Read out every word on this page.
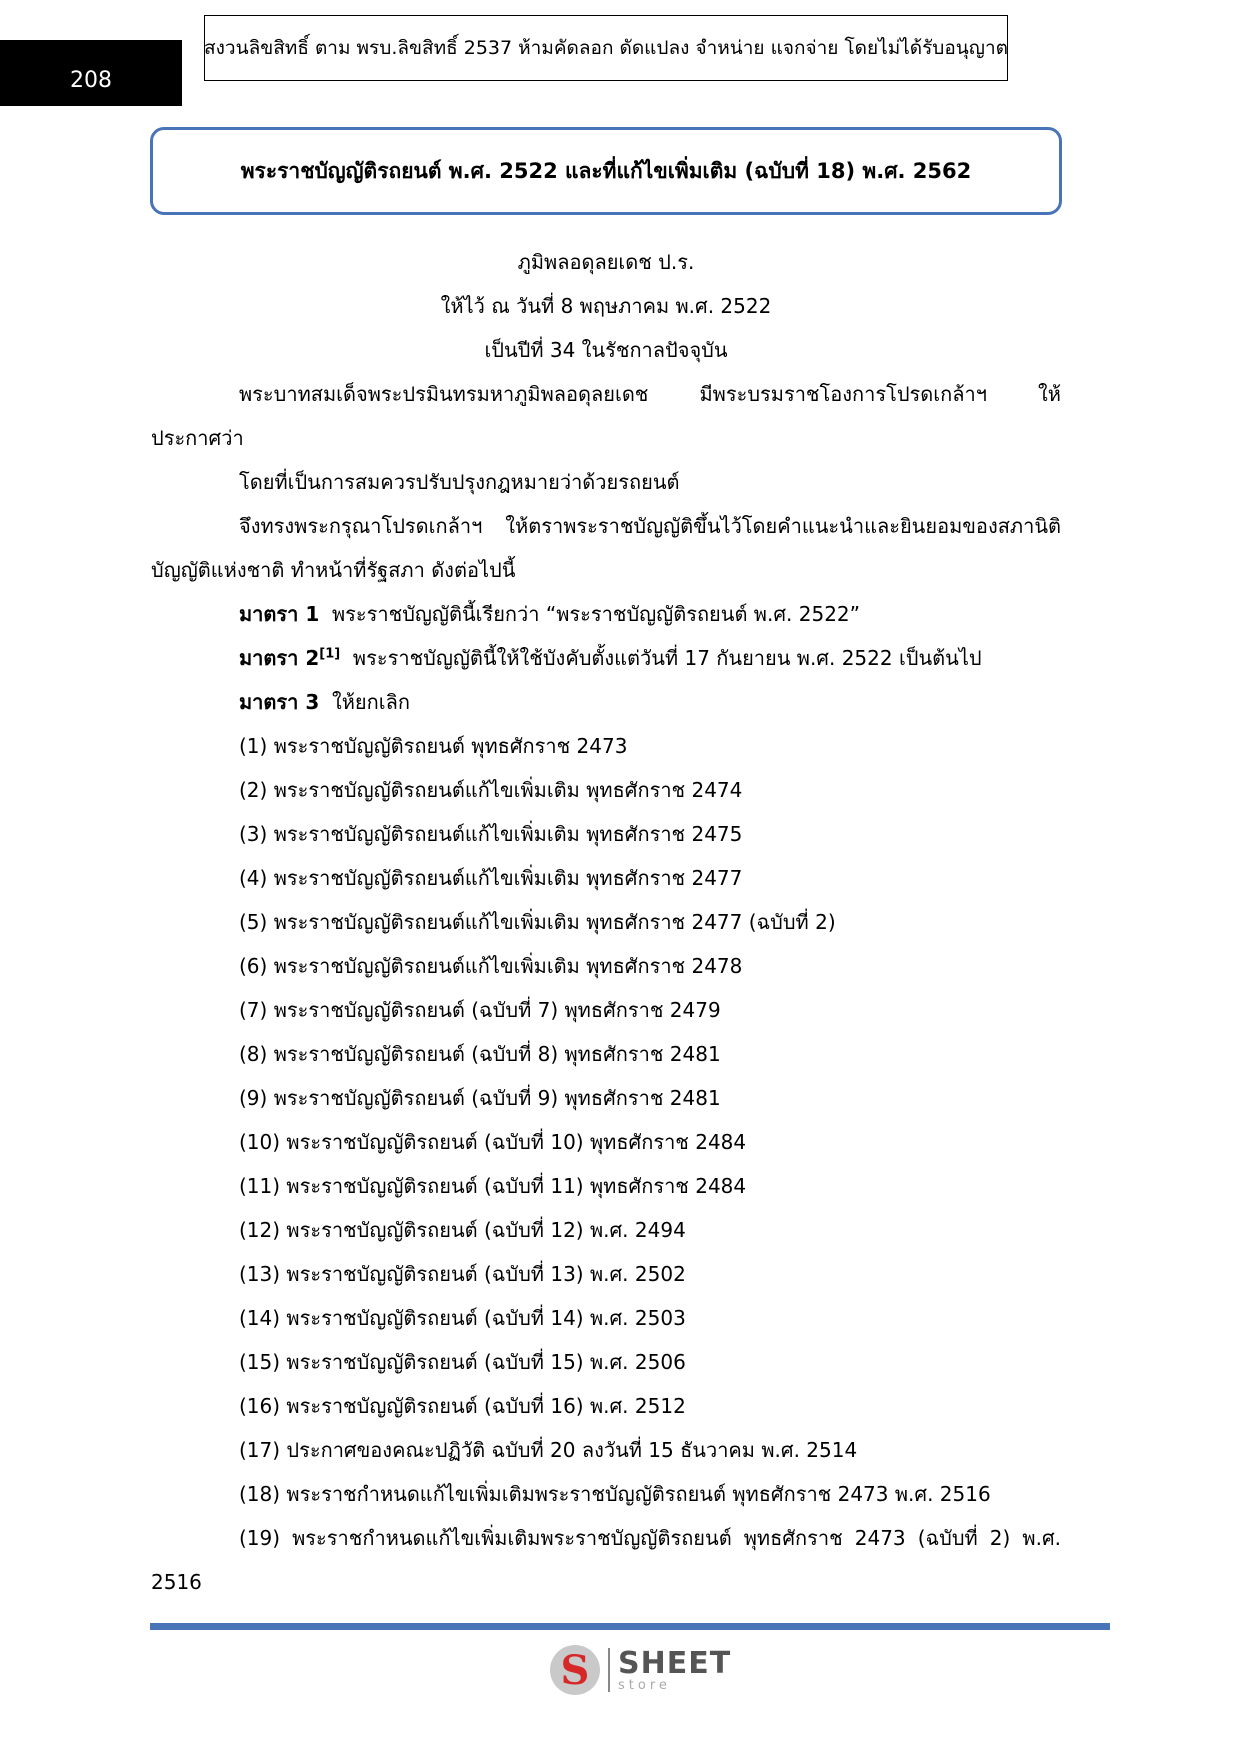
208
สงวนลิขสิทธิ์ ตาม พรบ.ลิขสิทธิ์ 2537 ห้ามคัดลอก ดัดแปลง จำหน่าย แจกจ่าย โดยไม่ได้รับอนุญาต
พระราชบัญญัติรถยนต์ พ.ศ. 2522 และที่แก้ไขเพิ่มเติม (ฉบับที่ 18) พ.ศ. 2562
ภูมิพลอดุลยเดช ป.ร.
ให้ไว้ ณ วันที่ 8 พฤษภาคม พ.ศ. 2522
เป็นปีที่ 34 ในรัชกาลปัจจุบัน
พระบาทสมเด็จพระปรมินทรมหาภูมิพลอดุลยเดช มีพระบรมราชโองการโปรดเกล้าฯ ให้
ประกาศว่า
โดยที่เป็นการสมควรปรับปรุงกฎหมายว่าด้วยรถยนต์
จึงทรงพระกรุณาโปรดเกล้าฯ ให้ตราพระราชบัญญัติขึ้นไว้โดยคำแนะนำและยินยอมของสภานิติ
บัญญัติแห่งชาติ ทำหน้าที่รัฐสภา ดังต่อไปนี้
มาตรา 1 พระราชบัญญัตินี้เรียกว่า “พระราชบัญญัติรถยนต์ พ.ศ. 2522”
มาตรา 2[1] พระราชบัญญัตินี้ให้ใช้บังคับตั้งแต่วันที่ 17 กันยายน พ.ศ. 2522 เป็นต้นไป
มาตรา 3 ให้ยกเลิก
(1) พระราชบัญญัติรถยนต์ พุทธศักราช 2473
(2) พระราชบัญญัติรถยนต์แก้ไขเพิ่มเติม พุทธศักราช 2474
(3) พระราชบัญญัติรถยนต์แก้ไขเพิ่มเติม พุทธศักราช 2475
(4) พระราชบัญญัติรถยนต์แก้ไขเพิ่มเติม พุทธศักราช 2477
(5) พระราชบัญญัติรถยนต์แก้ไขเพิ่มเติม พุทธศักราช 2477 (ฉบับที่ 2)
(6) พระราชบัญญัติรถยนต์แก้ไขเพิ่มเติม พุทธศักราช 2478
(7) พระราชบัญญัติรถยนต์ (ฉบับที่ 7) พุทธศักราช 2479
(8) พระราชบัญญัติรถยนต์ (ฉบับที่ 8) พุทธศักราช 2481
(9) พระราชบัญญัติรถยนต์ (ฉบับที่ 9) พุทธศักราช 2481
(10) พระราชบัญญัติรถยนต์ (ฉบับที่ 10) พุทธศักราช 2484
(11) พระราชบัญญัติรถยนต์ (ฉบับที่ 11) พุทธศักราช 2484
(12) พระราชบัญญัติรถยนต์ (ฉบับที่ 12) พ.ศ. 2494
(13) พระราชบัญญัติรถยนต์ (ฉบับที่ 13) พ.ศ. 2502
(14) พระราชบัญญัติรถยนต์ (ฉบับที่ 14) พ.ศ. 2503
(15) พระราชบัญญัติรถยนต์ (ฉบับที่ 15) พ.ศ. 2506
(16) พระราชบัญญัติรถยนต์ (ฉบับที่ 16) พ.ศ. 2512
(17) ประกาศของคณะปฏิวัติ ฉบับที่ 20 ลงวันที่ 15 ธันวาคม พ.ศ. 2514
(18) พระราชกำหนดแก้ไขเพิ่มเติมพระราชบัญญัติรถยนต์ พุทธศักราช 2473 พ.ศ. 2516
(19) พระราชกำหนดแก้ไขเพิ่มเติมพระราชบัญญัติรถยนต์ พุทธศักราช 2473 (ฉบับที่ 2) พ.ศ.
2516
S SHEET
store
